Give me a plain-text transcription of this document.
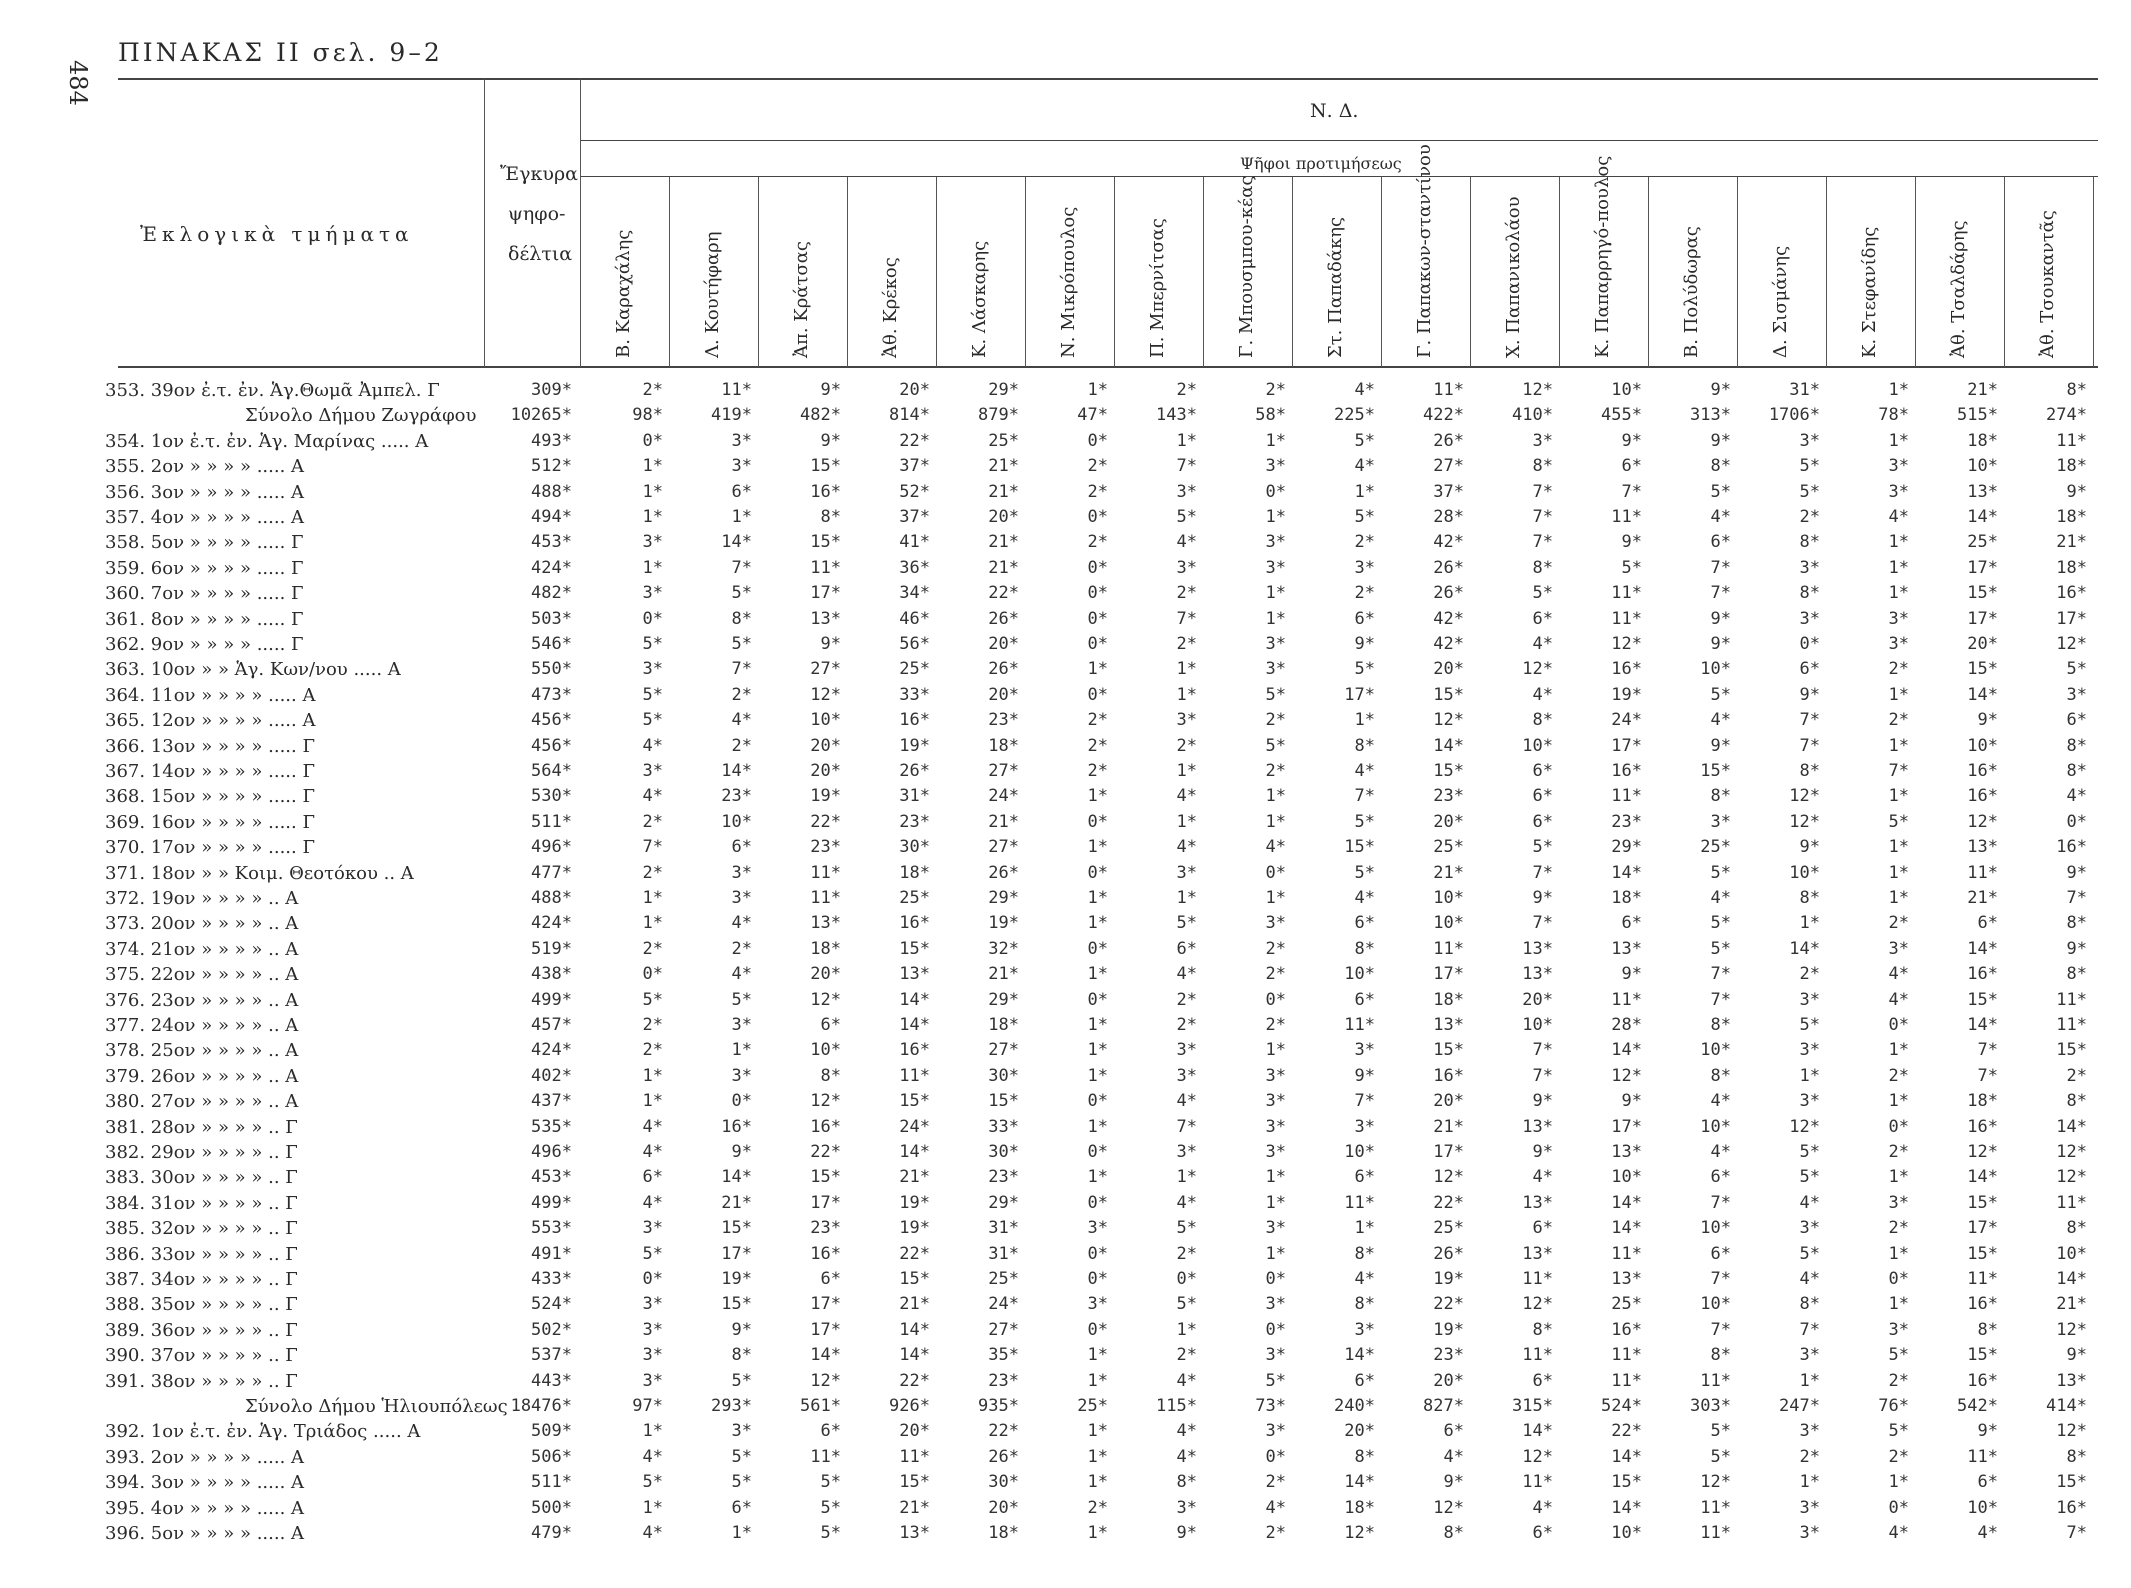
484
ΠΙΝΑΚΑΣ ΙΙ σελ. 9–2
Ἐκλογικὰ τμήματα
Ἔγκυρα
ψηφο-
δέλτια
Ν. Δ.
Ψῆφοι προτιμήσεως
Β. Καραχάλης	Λ. Κουτήφαρη	Ἀπ. Κράτσας	Ἀθ. Κρέκος	Κ. Λάσκαρης	Ν. Μικρόπουλος	Π. Μπερνίτσας	Γ. Μπουσμπου-κέας	Στ. Παπαδάκης	Γ. Παπακων-σταντίνου	Χ. Παπανικολάου	Κ. Παπαρρηγό-πουλος	Β. Πολύδωρας	Δ. Σισμάνης	Κ. Στεφανίδης	Ἀθ. Τσαλδάρης	Ἀθ. Τσουκαντᾶς
353. 39ον ἐ.τ. ἐν. Ἁγ.Θωμᾶ Ἀμπελ. Γ	309*	2*	11*	9*	20*	29*	1*	2*	2*	4*	11*	12*	10*	9*	31*	1*	21*	8*
Σύνολο Δήμου Ζωγράφου	10265*	98*	419*	482*	814*	879*	47*	143*	58*	225*	422*	410*	455*	313*	1706*	78*	515*	274*
354. 1ον ἐ.τ. ἐν. Ἁγ. Μαρίνας ..... Α	493*	0*	3*	9*	22*	25*	0*	1*	1*	5*	26*	3*	9*	9*	3*	1*	18*	11*
355. 2ον » » » » ..... Α	512*	1*	3*	15*	37*	21*	2*	7*	3*	4*	27*	8*	6*	8*	5*	3*	10*	18*
356. 3ον » » » » ..... Α	488*	1*	6*	16*	52*	21*	2*	3*	0*	1*	37*	7*	7*	5*	5*	3*	13*	9*
357. 4ον » » » » ..... Α	494*	1*	1*	8*	37*	20*	0*	5*	1*	5*	28*	7*	11*	4*	2*	4*	14*	18*
358. 5ον » » » » ..... Γ	453*	3*	14*	15*	41*	21*	2*	4*	3*	2*	42*	7*	9*	6*	8*	1*	25*	21*
359. 6ον » » » » ..... Γ	424*	1*	7*	11*	36*	21*	0*	3*	3*	3*	26*	8*	5*	7*	3*	1*	17*	18*
360. 7ον » » » » ..... Γ	482*	3*	5*	17*	34*	22*	0*	2*	1*	2*	26*	5*	11*	7*	8*	1*	15*	16*
361. 8ον » » » » ..... Γ	503*	0*	8*	13*	46*	26*	0*	7*	1*	6*	42*	6*	11*	9*	3*	3*	17*	17*
362. 9ον » » » » ..... Γ	546*	5*	5*	9*	56*	20*	0*	2*	3*	9*	42*	4*	12*	9*	0*	3*	20*	12*
363. 10ον » » Ἁγ. Κων/νου ..... Α	550*	3*	7*	27*	25*	26*	1*	1*	3*	5*	20*	12*	16*	10*	6*	2*	15*	5*
364. 11ον » » » » ..... Α	473*	5*	2*	12*	33*	20*	0*	1*	5*	17*	15*	4*	19*	5*	9*	1*	14*	3*
365. 12ον » » » » ..... Α	456*	5*	4*	10*	16*	23*	2*	3*	2*	1*	12*	8*	24*	4*	7*	2*	9*	6*
366. 13ον » » » » ..... Γ	456*	4*	2*	20*	19*	18*	2*	2*	5*	8*	14*	10*	17*	9*	7*	1*	10*	8*
367. 14ον » » » » ..... Γ	564*	3*	14*	20*	26*	27*	2*	1*	2*	4*	15*	6*	16*	15*	8*	7*	16*	8*
368. 15ον » » » » ..... Γ	530*	4*	23*	19*	31*	24*	1*	4*	1*	7*	23*	6*	11*	8*	12*	1*	16*	4*
369. 16ον » » » » ..... Γ	511*	2*	10*	22*	23*	21*	0*	1*	1*	5*	20*	6*	23*	3*	12*	5*	12*	0*
370. 17ον » » » » ..... Γ	496*	7*	6*	23*	30*	27*	1*	4*	4*	15*	25*	5*	29*	25*	9*	1*	13*	16*
371. 18ον » » Κοιμ. Θεοτόκου .. Α	477*	2*	3*	11*	18*	26*	0*	3*	0*	5*	21*	7*	14*	5*	10*	1*	11*	9*
372. 19ον » » » » .. Α	488*	1*	3*	11*	25*	29*	1*	1*	1*	4*	10*	9*	18*	4*	8*	1*	21*	7*
373. 20ον » » » » .. Α	424*	1*	4*	13*	16*	19*	1*	5*	3*	6*	10*	7*	6*	5*	1*	2*	6*	8*
374. 21ον » » » » .. Α	519*	2*	2*	18*	15*	32*	0*	6*	2*	8*	11*	13*	13*	5*	14*	3*	14*	9*
375. 22ον » » » » .. Α	438*	0*	4*	20*	13*	21*	1*	4*	2*	10*	17*	13*	9*	7*	2*	4*	16*	8*
376. 23ον » » » » .. Α	499*	5*	5*	12*	14*	29*	0*	2*	0*	6*	18*	20*	11*	7*	3*	4*	15*	11*
377. 24ον » » » » .. Α	457*	2*	3*	6*	14*	18*	1*	2*	2*	11*	13*	10*	28*	8*	5*	0*	14*	11*
378. 25ον » » » » .. Α	424*	2*	1*	10*	16*	27*	1*	3*	1*	3*	15*	7*	14*	10*	3*	1*	7*	15*
379. 26ον » » » » .. Α	402*	1*	3*	8*	11*	30*	1*	3*	3*	9*	16*	7*	12*	8*	1*	2*	7*	2*
380. 27ον » » » » .. Α	437*	1*	0*	12*	15*	15*	0*	4*	3*	7*	20*	9*	9*	4*	3*	1*	18*	8*
381. 28ον » » » » .. Γ	535*	4*	16*	16*	24*	33*	1*	7*	3*	3*	21*	13*	17*	10*	12*	0*	16*	14*
382. 29ον » » » » .. Γ	496*	4*	9*	22*	14*	30*	0*	3*	3*	10*	17*	9*	13*	4*	5*	2*	12*	12*
383. 30ον » » » » .. Γ	453*	6*	14*	15*	21*	23*	1*	1*	1*	6*	12*	4*	10*	6*	5*	1*	14*	12*
384. 31ον » » » » .. Γ	499*	4*	21*	17*	19*	29*	0*	4*	1*	11*	22*	13*	14*	7*	4*	3*	15*	11*
385. 32ον » » » » .. Γ	553*	3*	15*	23*	19*	31*	3*	5*	3*	1*	25*	6*	14*	10*	3*	2*	17*	8*
386. 33ον » » » » .. Γ	491*	5*	17*	16*	22*	31*	0*	2*	1*	8*	26*	13*	11*	6*	5*	1*	15*	10*
387. 34ον » » » » .. Γ	433*	0*	19*	6*	15*	25*	0*	0*	0*	4*	19*	11*	13*	7*	4*	0*	11*	14*
388. 35ον » » » » .. Γ	524*	3*	15*	17*	21*	24*	3*	5*	3*	8*	22*	12*	25*	10*	8*	1*	16*	21*
389. 36ον » » » » .. Γ	502*	3*	9*	17*	14*	27*	0*	1*	0*	3*	19*	8*	16*	7*	7*	3*	8*	12*
390. 37ον » » » » .. Γ	537*	3*	8*	14*	14*	35*	1*	2*	3*	14*	23*	11*	11*	8*	3*	5*	15*	9*
391. 38ον » » » » .. Γ	443*	3*	5*	12*	22*	23*	1*	4*	5*	6*	20*	6*	11*	11*	1*	2*	16*	13*
Σύνολο Δήμου Ἡλιουπόλεως 18476*	97*	293*	561*	926*	935*	25*	115*	73*	240*	827*	315*	524*	303*	247*	76*	542*	414*
392. 1ον ἐ.τ. ἐν. Ἁγ. Τριάδος ..... Α	509*	1*	3*	6*	20*	22*	1*	4*	3*	20*	6*	14*	22*	5*	3*	5*	9*	12*
393. 2ον » » » » ..... Α	506*	4*	5*	11*	11*	26*	1*	4*	0*	8*	4*	12*	14*	5*	2*	2*	11*	8*
394. 3ον » » » » ..... Α	511*	5*	5*	5*	15*	30*	1*	8*	2*	14*	9*	11*	15*	12*	1*	1*	6*	15*
395. 4ον » » » » ..... Α	500*	1*	6*	5*	21*	20*	2*	3*	4*	18*	12*	4*	14*	11*	3*	0*	10*	16*
396. 5ον » » » » ..... Α	479*	4*	1*	5*	13*	18*	1*	9*	2*	12*	8*	6*	10*	11*	3*	4*	4*	7*
